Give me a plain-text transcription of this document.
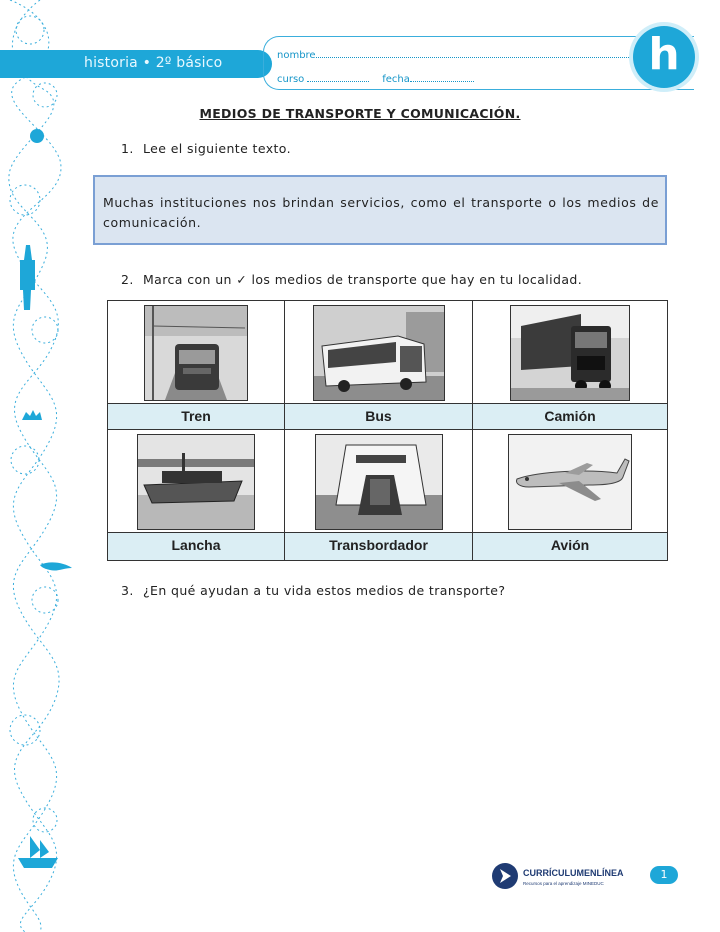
historia • 2º básico	nombre
curso	fecha	h
MEDIOS DE TRANSPORTE Y COMUNICACIÓN.
1. Lee el siguiente texto.
Muchas instituciones nos brindan servicios, como el transporte o los medios de comunicación.
2. Marca con un ✓ los medios de transporte que hay en tu localidad.
Tren	Bus	Camión
Lancha	Transbordador	Avión
3. ¿En qué ayudan a tu vida estos medios de transporte?
CURRÍCULUMENLÍNEA
Recursos para el aprendizaje MINEDUC
1
